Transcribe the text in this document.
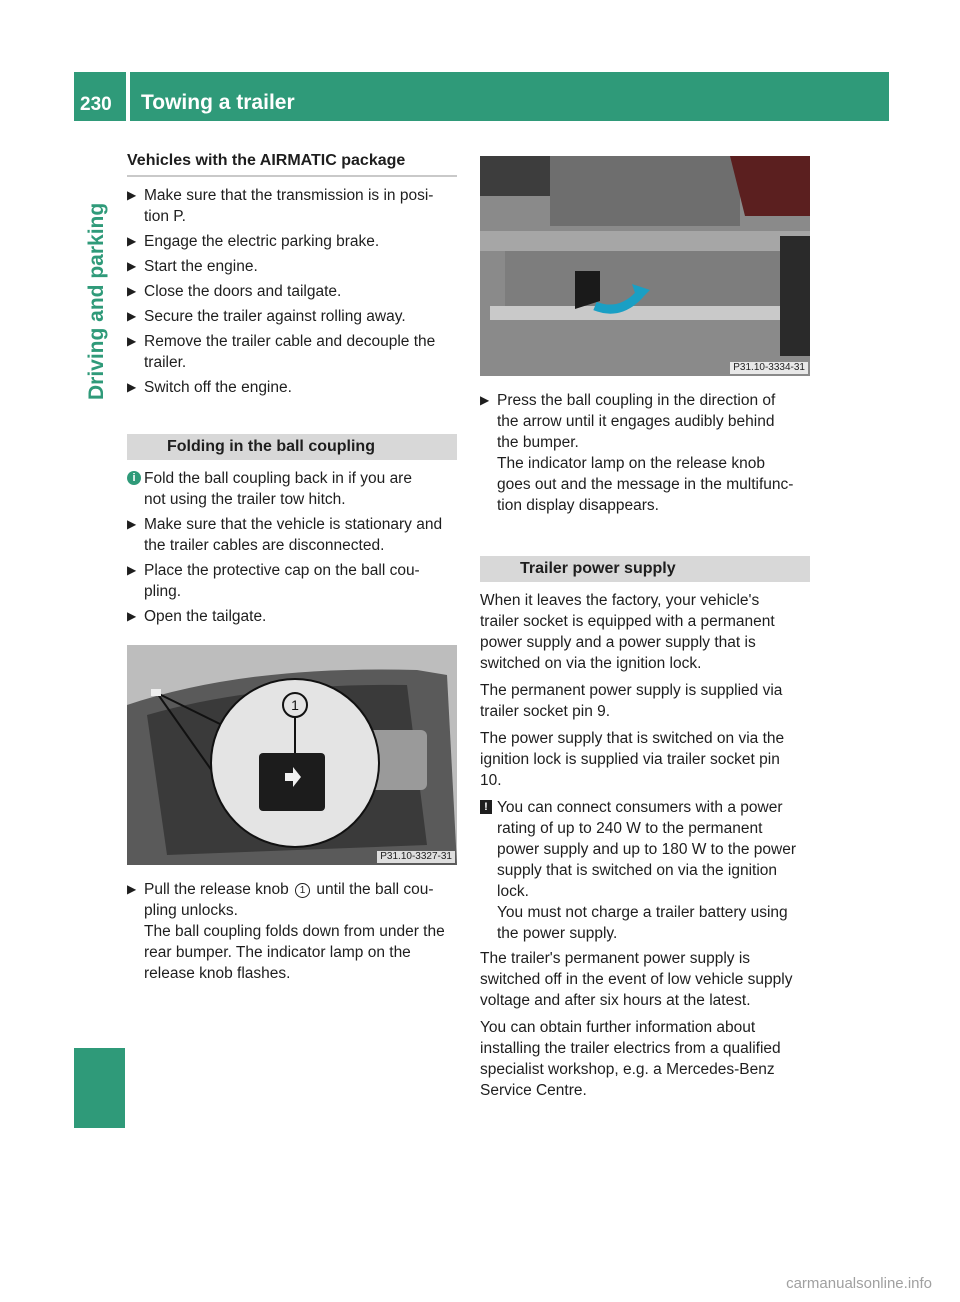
230 Towing a trailer
Driving and parking
Vehicles with the AIRMATIC package
▶ Make sure that the transmission is in posi-
tion P.

▶ Engage the electric parking brake.

▶ Start the engine.

▶ Close the doors and tailgate.

▶ Secure the trailer against rolling away.

▶ Remove the trailer cable and decouple the
trailer.

▶ Switch off the engine.

Folding in the ball coupling
i Fold the ball coupling back in if you are
not using the trailer tow hitch.

▶ Make sure that the vehicle is stationary and
the trailer cables are disconnected.

▶ Place the protective cap on the ball cou-
pling.

▶ Open the tailgate.

1
P31.10-3327-31
▶ Pull the release knob 1 until the ball cou-
pling unlocks.
The ball coupling folds down from under the
rear bumper. The indicator lamp on the
release knob flashes.

P31.10-3334-31
▶ Press the ball coupling in the direction of
the arrow until it engages audibly behind
the bumper.
The indicator lamp on the release knob
goes out and the message in the multifunc-
tion display disappears.

Trailer power supply

When it leaves the factory, your vehicle's
trailer socket is equipped with a permanent
power supply and a power supply that is
switched on via the ignition lock.

The permanent power supply is supplied via
trailer socket pin 9.

The power supply that is switched on via the
ignition lock is supplied via trailer socket pin
10.

! You can connect consumers with a power
rating of up to 240 W to the permanent
power supply and up to 180 W to the power
supply that is switched on via the ignition
lock.
You must not charge a trailer battery using
the power supply.

The trailer's permanent power supply is
switched off in the event of low vehicle supply
voltage and after six hours at the latest.

You can obtain further information about
installing the trailer electrics from a qualified
specialist workshop, e.g. a Mercedes-Benz
Service Centre.

carmanualsonline.info
